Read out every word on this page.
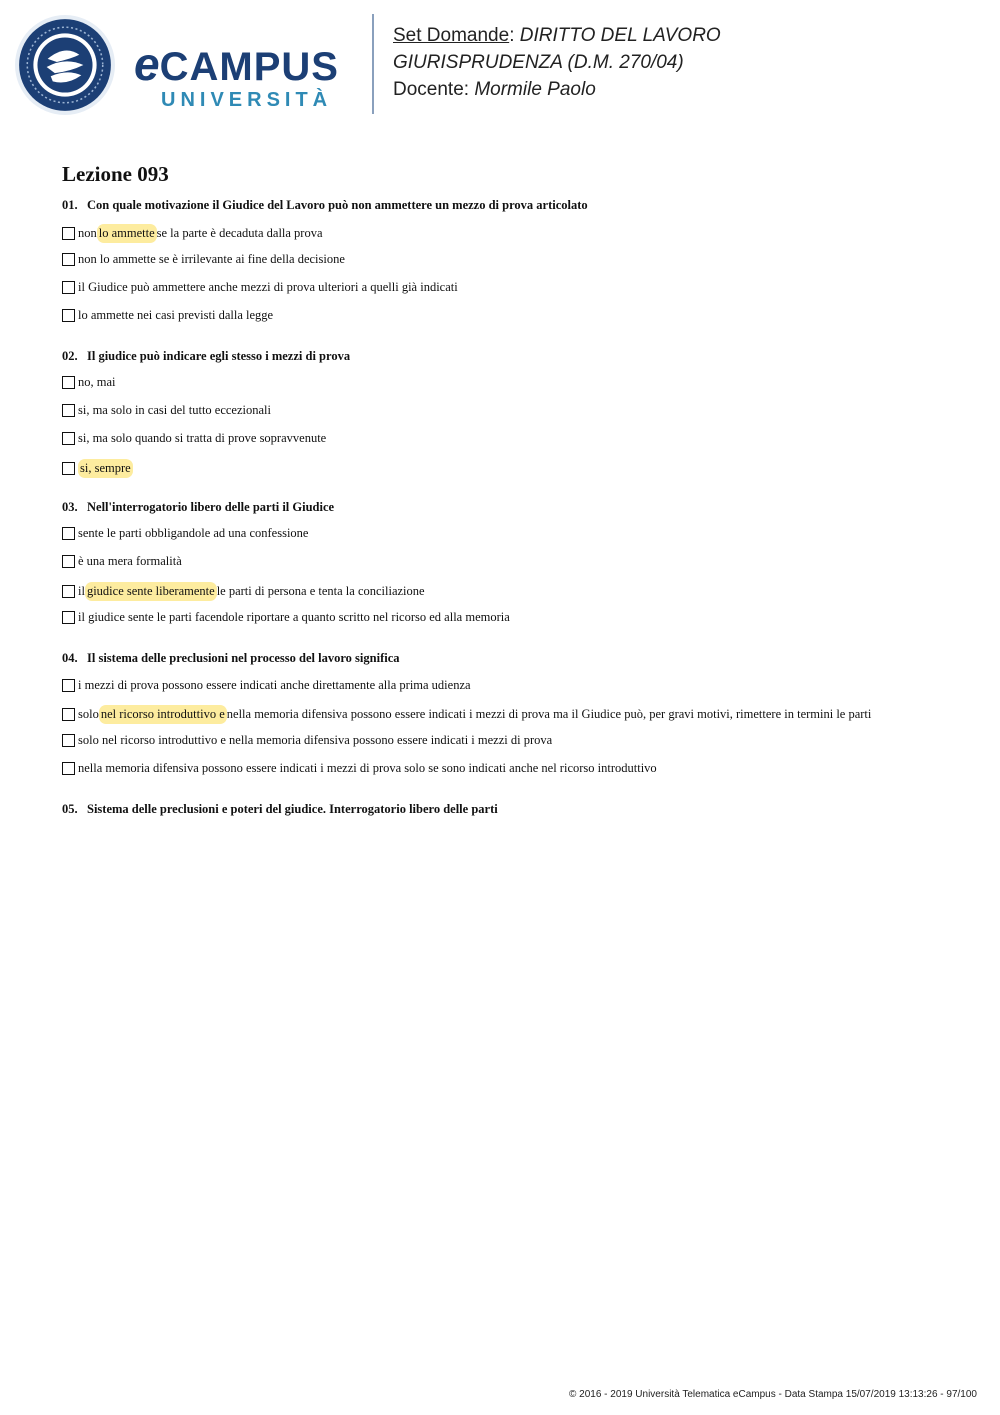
eCAMPUS
UNIVERSITÀ
Set Domande: DIRITTO DEL LAVORO
GIURISPRUDENZA (D.M. 270/04)
Docente: Mormile Paolo
Lezione 093
01. Con quale motivazione il Giudice del Lavoro può non ammettere un mezzo di prova articolato
non lo ammette se la parte è decaduta dalla prova
non lo ammette se è irrilevante ai fine della decisione
il Giudice può ammettere anche mezzi di prova ulteriori a quelli già indicati
lo ammette nei casi previsti dalla legge
02. Il giudice può indicare egli stesso i mezzi di prova
no, mai
si, ma solo in casi del tutto eccezionali
si, ma solo quando si tratta di prove sopravvenute
si, sempre
03. Nell'interrogatorio libero delle parti il Giudice
sente le parti obbligandole ad una confessione
è una mera formalità
il giudice sente liberamente le parti di persona e tenta la conciliazione
il giudice sente le parti facendole riportare a quanto scritto nel ricorso ed alla memoria
04. Il sistema delle preclusioni nel processo del lavoro significa
i mezzi di prova possono essere indicati anche direttamente alla prima udienza
solo nel ricorso introduttivo e nella memoria difensiva possono essere indicati i mezzi di prova ma il Giudice può, per gravi motivi, rimettere in termini le parti
solo nel ricorso introduttivo e nella memoria difensiva possono essere indicati i mezzi di prova
nella memoria difensiva possono essere indicati i mezzi di prova solo se sono indicati anche nel ricorso introduttivo
05. Sistema delle preclusioni e poteri del giudice. Interrogatorio libero delle parti
© 2016 - 2019 Università Telematica eCampus - Data Stampa 15/07/2019 13:13:26 - 97/100
